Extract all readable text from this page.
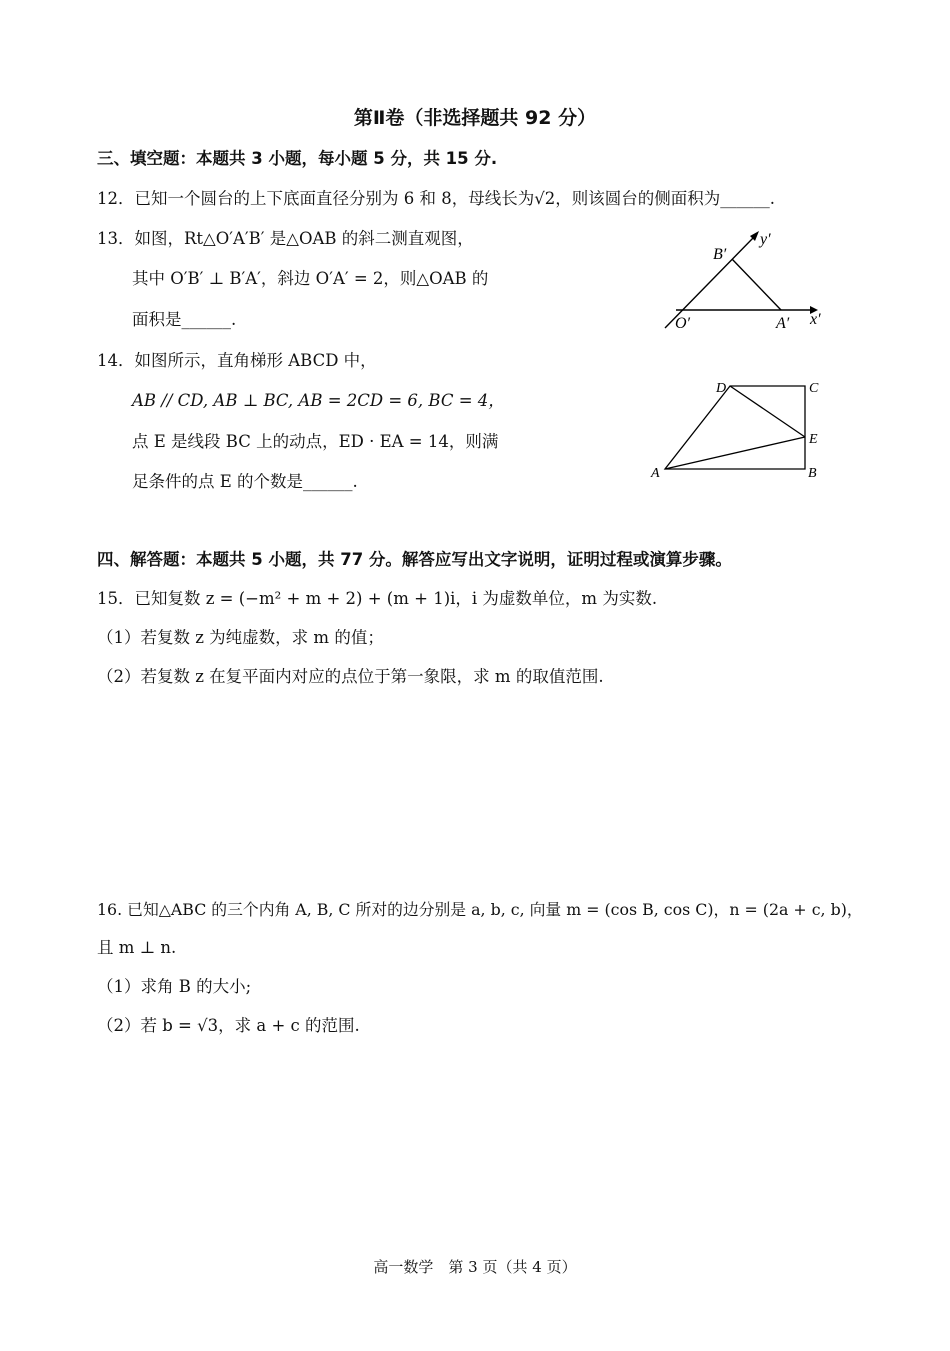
第Ⅱ卷（非选择题共 92 分）
三、填空题：本题共 3 小题，每小题 5 分，共 15 分.
12．已知一个圆台的上下底面直径分别为 6 和 8，母线长为√2，则该圆台的侧面积为______.
13．如图，Rt△O′A′B′ 是△OAB 的斜二测直观图，
其中 O′B′ ⊥ B′A′，斜边 O′A′ = 2，则△OAB 的
面积是______.
B′
y′
O′	A′ x′
14．如图所示，直角梯形 ABCD 中，
AB // CD, AB ⊥ BC, AB = 2CD = 6, BC = 4，
点 E 是线段 BC 上的动点，ED · EA = 14，则满
足条件的点 E 的个数是______.
D	C
E
A	B
四、解答题：本题共 5 小题，共 77 分。解答应写出文字说明，证明过程或演算步骤。
15．已知复数 z = (−m² + m + 2) + (m + 1)i，i 为虚数单位，m 为实数.
（1）若复数 z 为纯虚数，求 m 的值；
（2）若复数 z 在复平面内对应的点位于第一象限，求 m 的取值范围.
16. 已知△ABC 的三个内角 A, B, C 所对的边分别是 a, b, c, 向量 m = (cos B, cos C)，n = (2a + c, b)，
且 m ⊥ n.
（1）求角 B 的大小;
（2）若 b = √3，求 a + c 的范围.
高一数学　第 3 页（共 4 页）
